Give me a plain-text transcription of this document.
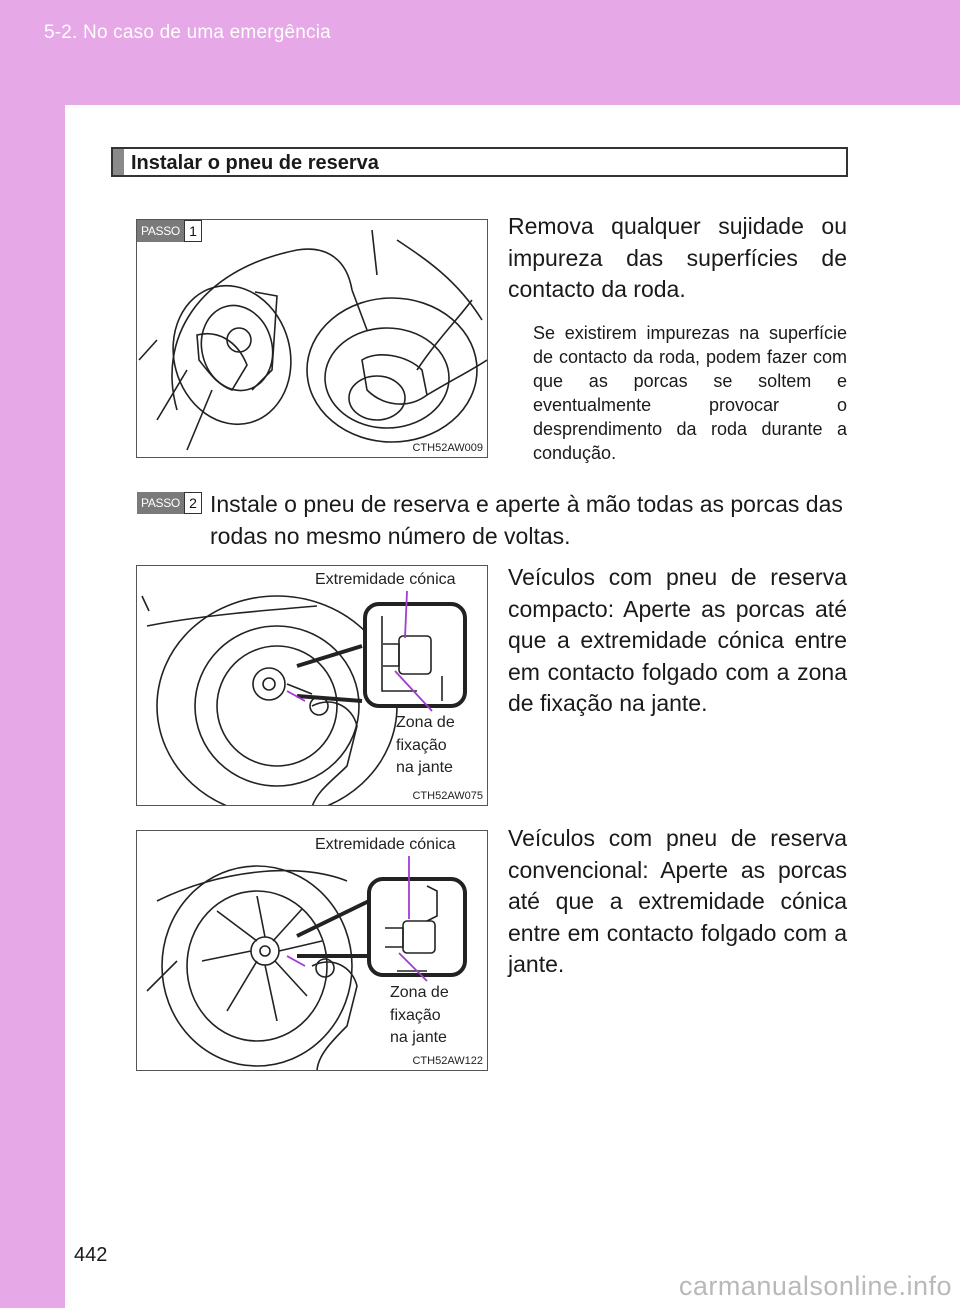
5-2. No caso de uma emergência
Instalar o pneu de reserva
CTH52AW009
PASSO 1	Remova qualquer sujidade ou impureza das superfícies de contacto da roda.
Se existirem impurezas na superfície de contacto da roda, podem fazer com que as porcas se soltem e eventualmente provocar o desprendimento da roda durante a condução.
PASSO 2 Instale o pneu de reserva e aperte à mão todas as porcas das rodas no mesmo número de voltas.
Extremidade cónica
Zona de
fixação
na jante
CTH52AW075
Veículos com pneu de reserva compacto: Aperte as porcas até que a extremidade cónica entre em contacto folgado com a zona de fixação na jante.
Extremidade cónica
Zona de
fixação
na jante
CTH52AW122
Veículos com pneu de reserva convencional: Aperte as porcas até que a extremidade cónica entre em contacto folgado com a jante.
442
carmanualsonline.info
